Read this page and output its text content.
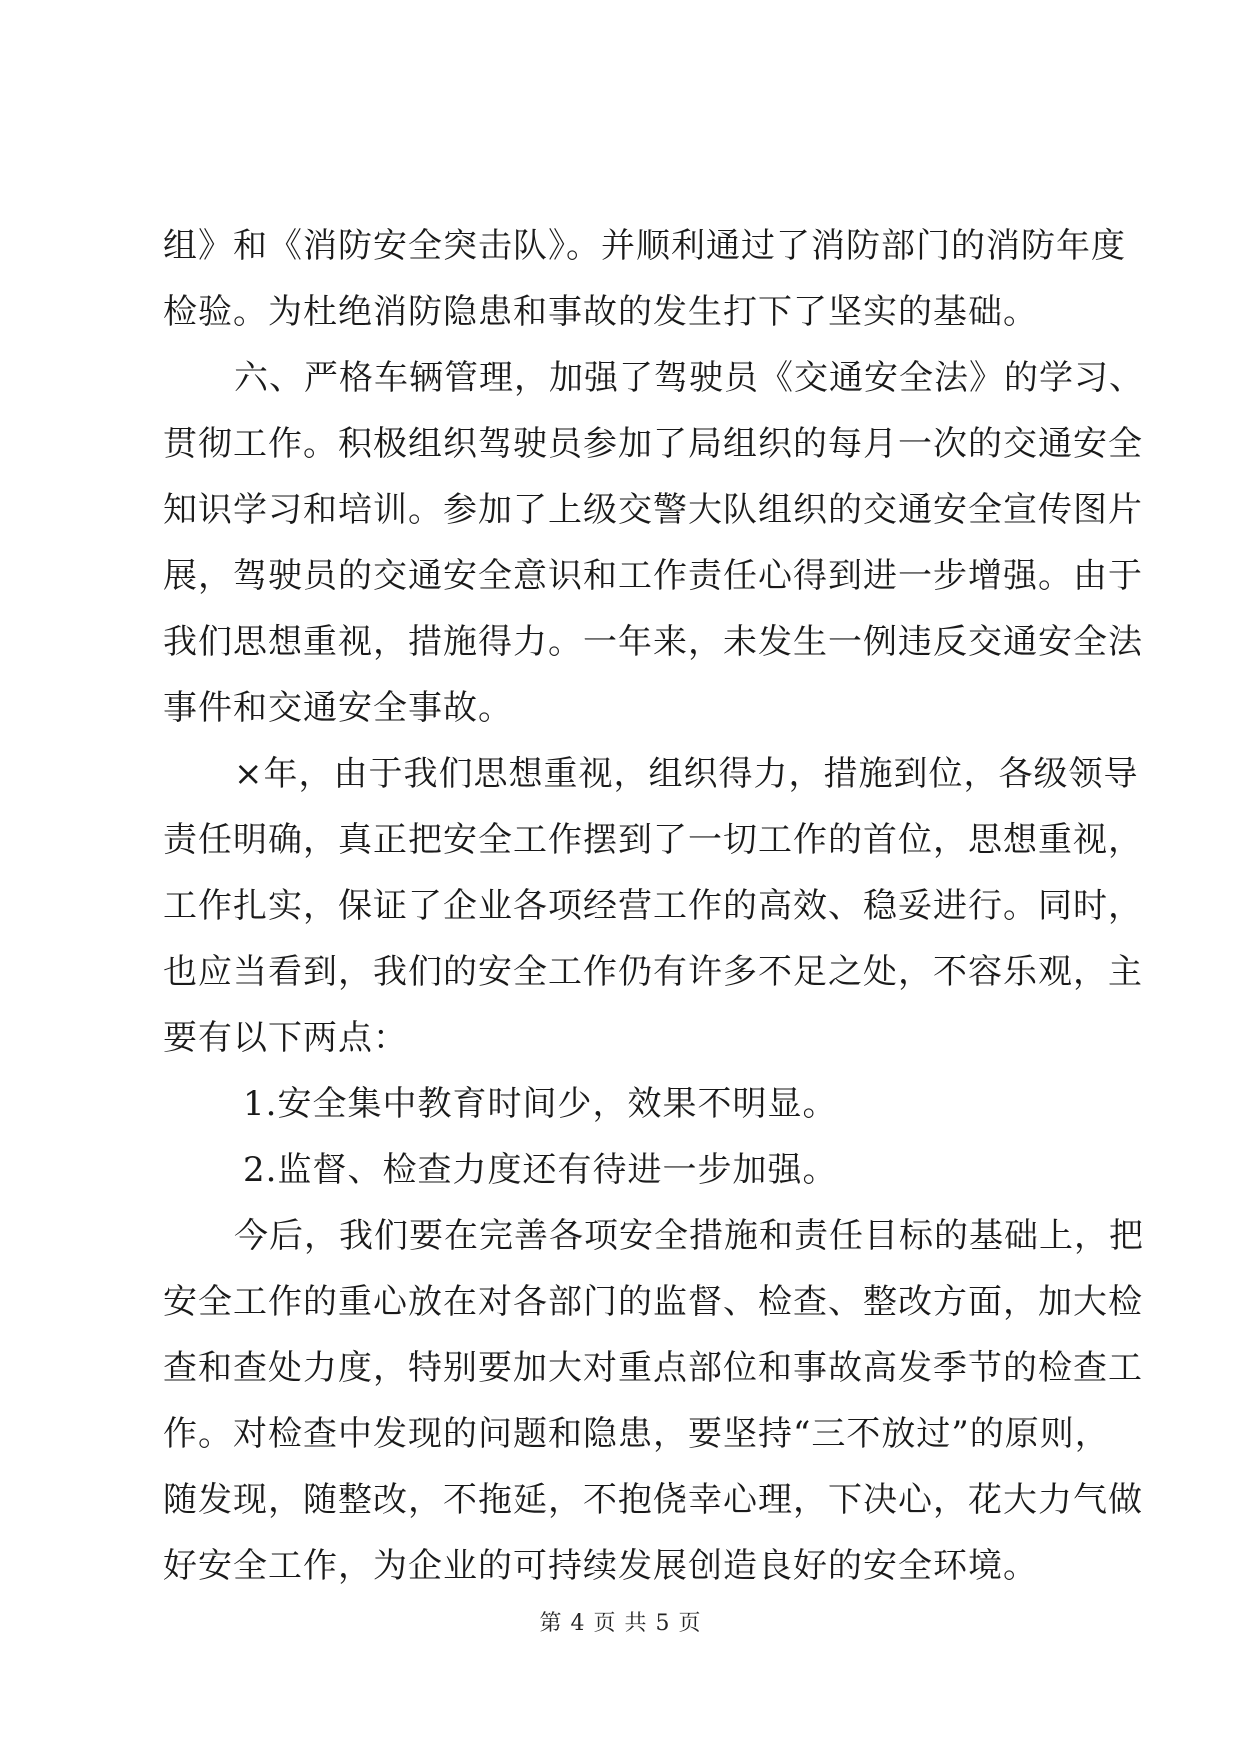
组》和《消防安全突击队》。并顺利通过了消防部门的消防年度
检验。为杜绝消防隐患和事故的发生打下了坚实的基础。
六、严格车辆管理，加强了驾驶员《交通安全法》的学习、
贯彻工作。积极组织驾驶员参加了局组织的每月一次的交通安全
知识学习和培训。参加了上级交警大队组织的交通安全宣传图片
展，驾驶员的交通安全意识和工作责任心得到进一步增强。由于
我们思想重视，措施得力。一年来，未发生一例违反交通安全法
事件和交通安全事故。
×年，由于我们思想重视，组织得力，措施到位，各级领导
责任明确，真正把安全工作摆到了一切工作的首位，思想重视，
工作扎实，保证了企业各项经营工作的高效、稳妥进行。同时，
也应当看到，我们的安全工作仍有许多不足之处，不容乐观，主
要有以下两点：
1.安全集中教育时间少，效果不明显。
2.监督、检查力度还有待进一步加强。
今后，我们要在完善各项安全措施和责任目标的基础上，把
安全工作的重心放在对各部门的监督、检查、整改方面，加大检
查和查处力度，特别要加大对重点部位和事故高发季节的检查工
作。对检查中发现的问题和隐患，要坚持“三不放过”的原则，
随发现，随整改，不拖延，不抱侥幸心理，下决心，花大力气做
好安全工作，为企业的可持续发展创造良好的安全环境。
第 4 页 共 5 页
